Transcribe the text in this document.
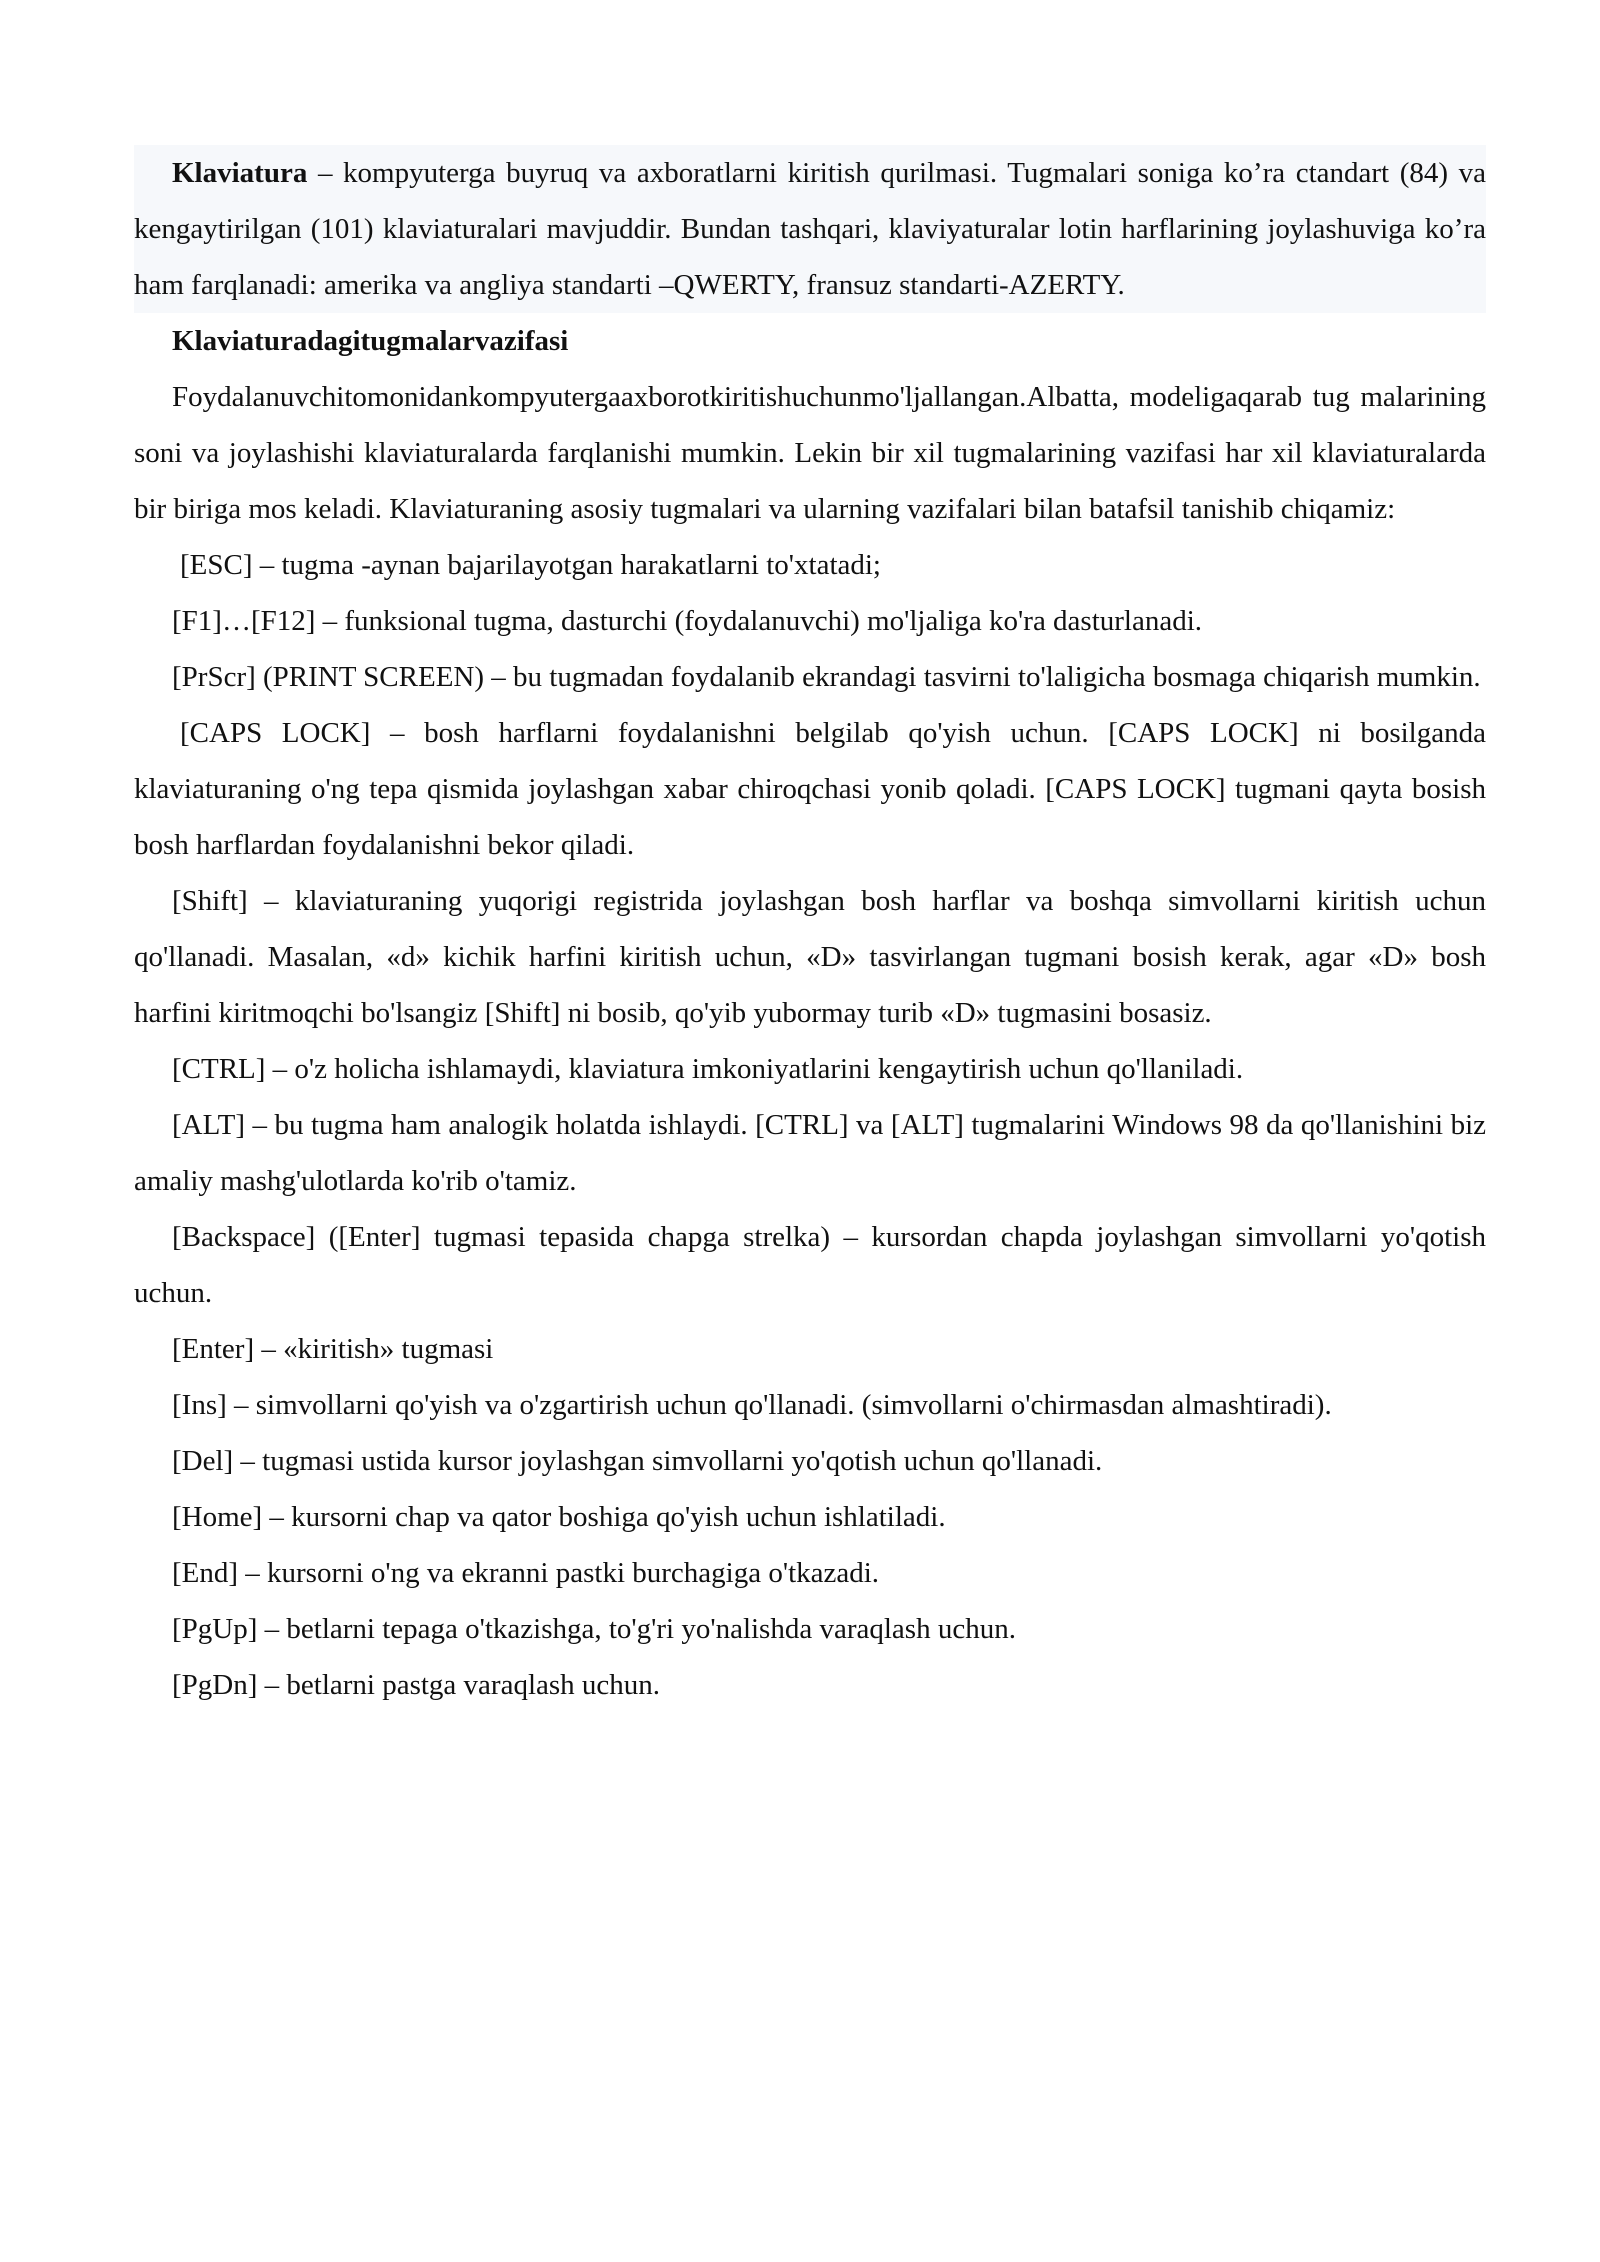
Klaviatura – kompyuterga buyruq va axboratlarni kiritish qurilmasi. Tugmalari soniga ko’ra ctandart (84) va kengaytirilgan (101) klaviaturalari mavjuddir. Bundan tashqari, klaviyaturalar lotin harflarining joylashuviga ko’ra ham farqlanadi: amerika va angliya standarti –QWERTY, fransuz standarti-AZERTY.

Klaviaturadagitugmalarvazifasi

Foydalanuvchitomonidankompyutergaaxborotkiritishuchunmo'ljallangan.Albatta, modeligaqarab tug malarining soni va joylashishi klaviaturalarda farqlanishi mumkin. Lekin bir xil tugmalarining vazifasi har xil klaviaturalarda bir biriga mos keladi. Klaviaturaning asosiy tugmalari va ularning vazifalari bilan batafsil tanishib chiqamiz:

[ESC] – tugma -aynan bajarilayotgan harakatlarni to'xtatadi;

[F1]…[F12] – funksional tugma, dasturchi (foydalanuvchi) mo'ljaligа ko'ra dasturlanadi.

[PrScr] (PRINT SCREEN) – bu tugmadan foydalanib ekrandagi tasvirni to'laligicha bosmaga chiqarish mumkin.

[CAPS LOCK] – bosh harflarni foydalanishni belgilab qo'yish uchun. [CAPS LOCK] ni bosilganda klaviaturaning o'ng tepa qismida joylashgan xabar chiroqchasi yonib qoladi. [CAPS LOCK] tugmani qayta bosish bosh harflardan foydalanishni bekor qiladi.

[Shift] – klaviaturaning yuqorigi registrida joylashgan bosh harflar va boshqa simvollarni kiritish uchun qo'llanadi. Masalan, «d» kichik harfini kiritish uchun, «D» tasvirlangan tugmani bosish kerak, agar «D» bosh harfini kiritmoqchi bo'lsangiz [Shift] ni bosib, qo'yib yubormay turib «D» tugmasini bosasiz.

[CTRL] – o'z holicha ishlamaydi, klaviatura imkoniyatlarini kengaytirish uchun qo'llaniladi.

[ALT] – bu tugma ham analogik holatda ishlaydi. [CTRL] va [ALT] tugmalarini Windows 98 da qo'llanishini biz amaliy mashg'ulotlarda ko'rib o'tamiz.

[Backspace] ([Enter] tugmasi tepasida chapga strelka) – kursordan chapda joylashgan simvollarni yo'qotish uchun.

[Enter] – «kiritish» tugmasi

[Ins] – simvollarni qo'yish va o'zgartirish uchun qo'llanadi. (simvollarni o'chirmasdan almashtiradi).

[Del] – tugmasi ustida kursor joylashgan simvollarni yo'qotish uchun qo'llanadi.

[Home] – kursorni chap va qator boshiga qo'yish uchun ishlatiladi.

[End] – kursorni o'ng va ekranni pastki burchagiga o'tkazadi.

[PgUp] – betlarni tepaga o'tkazishga, to'g'ri yo'nalishda varaqlash uchun.

[PgDn] – betlarni pastga varaqlash uchun.
